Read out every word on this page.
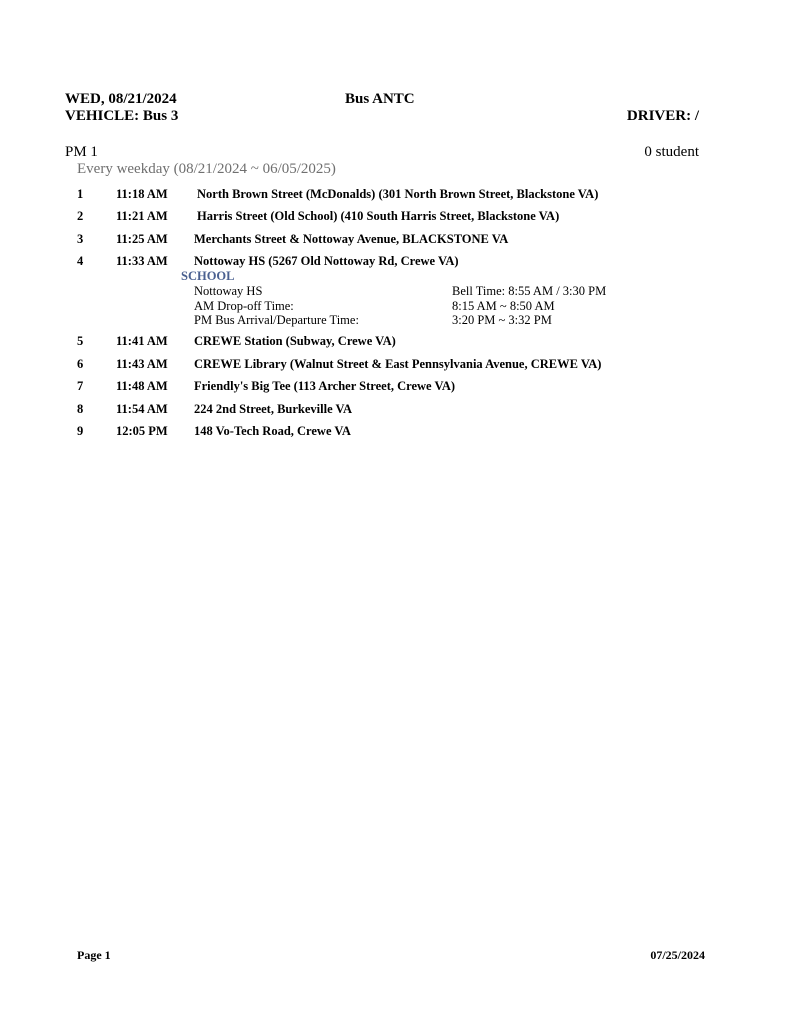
WED, 08/21/2024	Bus ANTC
VEHICLE: Bus 3	DRIVER: /
PM 1	0 student
Every weekday (08/21/2024 ~ 06/05/2025)
1	11:18 AM North Brown Street (McDonalds) (301 North Brown Street, Blackstone VA)
2	11:21 AM Harris Street (Old School) (410 South Harris Street, Blackstone VA)
3	11:25 AM Merchants Street & Nottoway Avenue, BLACKSTONE VA
4	11:33 AM Nottoway HS (5267 Old Nottoway Rd, Crewe VA)
SCHOOL
Nottoway HS	Bell Time: 8:55 AM / 3:30 PM
AM Drop-off Time:	8:15 AM ~ 8:50 AM
PM Bus Arrival/Departure Time:	3:20 PM ~ 3:32 PM
5	11:41 AM CREWE Station (Subway, Crewe VA)
6	11:43 AM CREWE Library (Walnut Street & East Pennsylvania Avenue, CREWE VA)
7	11:48 AM Friendly's Big Tee (113 Archer Street, Crewe VA)
8	11:54 AM 224 2nd Street, Burkeville VA
9	12:05 PM 148 Vo-Tech Road, Crewe VA
Page 1	07/25/2024
